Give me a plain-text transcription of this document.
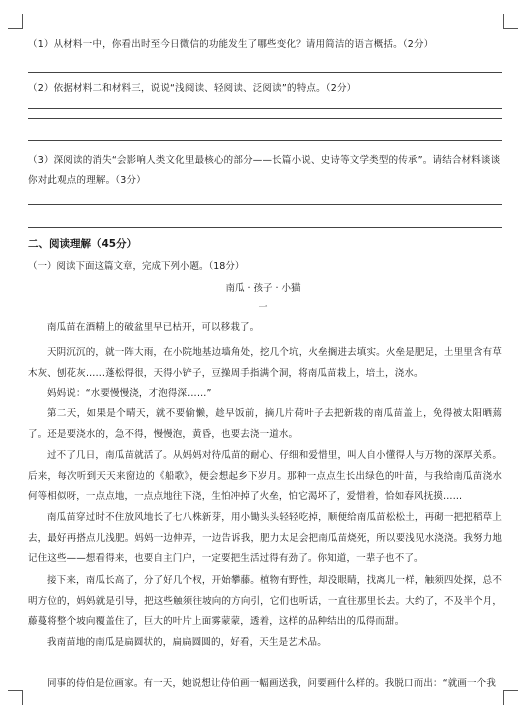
（1）从材料一中，你看出时至今日微信的功能发生了哪些变化？请用简洁的语言概括。（2分）
（2）依据材料二和材料三，说说“浅阅读、轻阅读、泛阅读”的特点。（2分）
（3）深阅读的消失“会影响人类文化里最核心的部分——长篇小说、史诗等文学类型的传承”。请结合材料谈谈你对此观点的理解。（3分）
二、阅读理解（45分）
（一）阅读下面这篇文章，完成下列小题。（18分）
南瓜 · 孩子 · 小猫
一
南瓜苗在酒精上的破盆里早已枯开，可以移栽了。
天阴沉沉的，就一阵大雨，在小院地基边墙角处，挖几个坑，火垒搁进去填实。火垒是肥足，土里里含有草木灰、刨花灰……蓬松得很，天得小铲子，豆操周手指满个洞，将南瓜苗栽上，培土，浇水。
妈妈说：“水要慢慢浇，才泡得深……”
第二天，如果是个晴天，就不要偷懒，趁早饭前，摘几片荷叶子去把新栽的南瓜苗盖上，免得被太阳晒蔫了。还是要浇水的，急不得，慢慢泡，黄昏，也要去浇一道水。
过不了几日，南瓜苗就活了。从妈妈对待瓜苗的耐心、仔细和爱惜里，叫人自小懂得人与万物的深厚关系。后来，每次听到天天来窗边的《船歌》，便会想起乡下岁月。那种一点点生长出绿色的叶苗，与我给南瓜苗浇水何等相似呀，一点点地，一点点地往下浇，生怕冲掉了火垒，怕它渴坏了，爱惜着，恰如春风抚摸……
南瓜苗穿过时不住放风地长了七八株新芽，用小锄头头轻轻吃掉，顺便给南瓜苗松松土，再砌一把把稻草上去，最好再搭点儿浅肥。妈妈一边伸弄，一边告诉我，肥力太足会把南瓜苗烧死，所以要浅见水浇浇。我努力地记住这些——想看得来，也要自主门户，一定要把生活过得有劲了。你知道，一辈子也不了。
接下来，南瓜长高了，分了好几个杈，开始攀藤。植物有野性，却没眼睛，找离儿一样，触须四处探，总不明方位的，妈妈就是引导，把这些触须往坡向的方向引，它们也听话，一直往那里长去。大约了，不及半个月，藤蔓将整个坡向覆盖住了，巨大的叶片上面雾蒙蒙，透着，这样的品种结出的瓜得而甜。
我南苗地的南瓜是扁圆状的，扁扁圆圆的，好看，天生是艺术品。
同事的侍伯是位画家。有一天，她说想让侍伯画一幅画送我，问要画什么样的。我脱口而出：“就画一个我
